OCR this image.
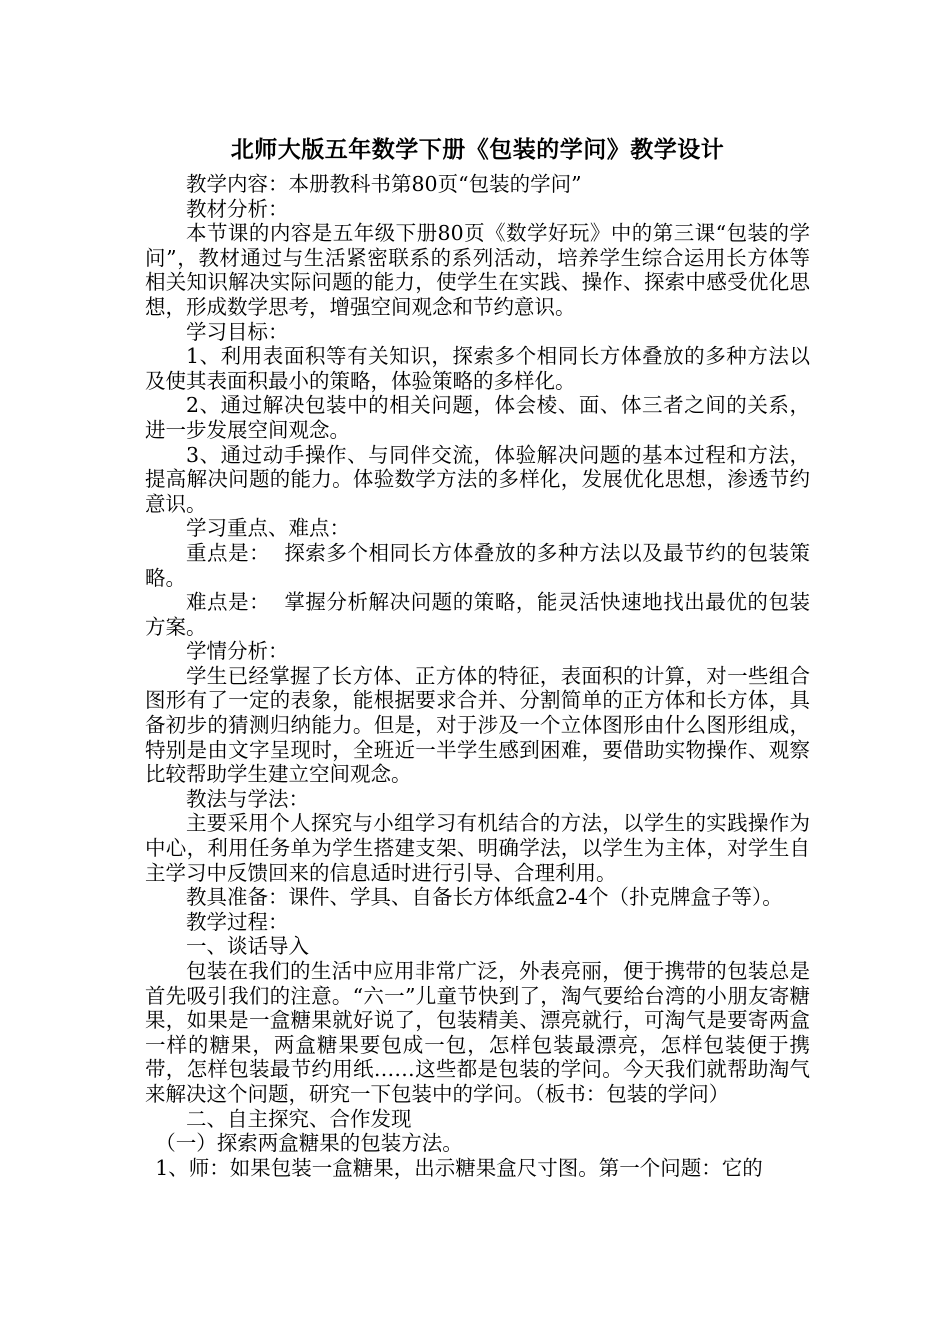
北师大版五年数学下册《包装的学问》教学设计

教学内容：本册教科书第80页“包装的学问”

教材分析：

本节课的内容是五年级下册80页《数学好玩》中的第三课“包装的学问”，教材通过与生活紧密联系的系列活动，培养学生综合运用长方体等相关知识解决实际问题的能力，使学生在实践、操作、探索中感受优化思想，形成数学思考，增强空间观念和节约意识。

学习目标：

1、利用表面积等有关知识，探索多个相同长方体叠放的多种方法以及使其表面积最小的策略，体验策略的多样化。

2、通过解决包装中的相关问题，体会棱、面、体三者之间的关系，进一步发展空间观念。

3、通过动手操作、与同伴交流，体验解决问题的基本过程和方法，提高解决问题的能力。体验数学方法的多样化，发展优化思想，渗透节约意识。

学习重点、难点：

重点是：  探索多个相同长方体叠放的多种方法以及最节约的包装策略。

难点是：  掌握分析解决问题的策略，能灵活快速地找出最优的包装方案。

学情分析：

学生已经掌握了长方体、正方体的特征，表面积的计算，对一些组合图形有了一定的表象，能根据要求合并、分割简单的正方体和长方体，具备初步的猜测归纳能力。但是，对于涉及一个立体图形由什么图形组成，特别是由文字呈现时，全班近一半学生感到困难，要借助实物操作、观察比较帮助学生建立空间观念。

教法与学法：

主要采用个人探究与小组学习有机结合的方法，以学生的实践操作为中心，利用任务单为学生搭建支架、明确学法，以学生为主体，对学生自主学习中反馈回来的信息适时进行引导、合理利用。

教具准备：课件、学具、自备长方体纸盒2-4个（扑克牌盒子等）。

教学过程：

一、谈话导入

包装在我们的生活中应用非常广泛，外表亮丽，便于携带的包装总是首先吸引我们的注意。“六一”儿童节快到了，淘气要给台湾的小朋友寄糖果，如果是一盒糖果就好说了，包装精美、漂亮就行，可淘气是要寄两盒一样的糖果，两盒糖果要包成一包，怎样包装最漂亮，怎样包装便于携带，怎样包装最节约用纸……这些都是包装的学问。今天我们就帮助淘气来解决这个问题，研究一下包装中的学问。（板书：包装的学问）

二、自主探究、合作发现

（一）探索两盒糖果的包装方法。

1、师：如果包装一盒糖果，出示糖果盒尺寸图。第一个问题：它的
